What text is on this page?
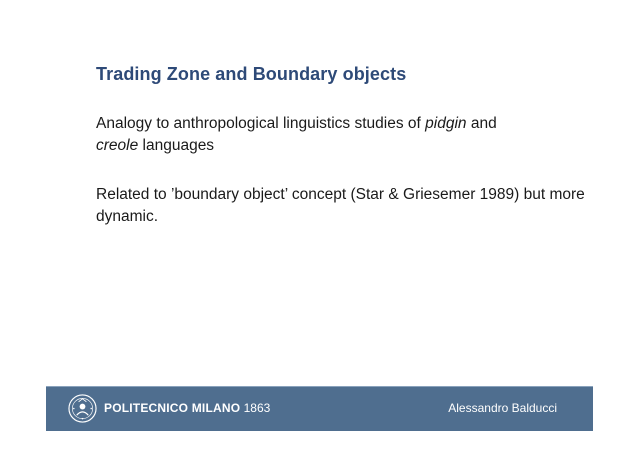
Trading Zone and Boundary objects
Analogy to anthropological linguistics studies of pidgin and
creole languages
Related to ’boundary object’ concept (Star & Griesemer 1989) but more dynamic.
POLITECNICO MILANO 1863	Alessandro Balducci
